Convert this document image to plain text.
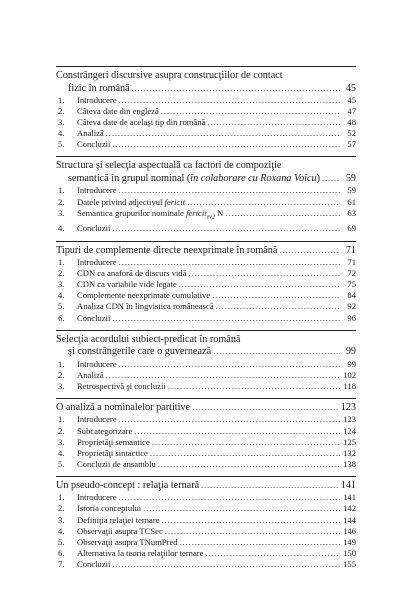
Constrângeri discursive asupra construcţiilor de contact
fizic în română .....	45
1.	Introducere .....	45
2.	Câteva date din engleză .....	47
3.	Câteva date de acelaşi tip din română .....	48
4.	Analiză .....	52
5.	Concluzii .....	57
Structura şi selecţia aspectuală ca factori de compoziţie
semantică în grupul nominal ( în colaborare cu Roxana Voicu ) .....	59
1.	Introducere .....	59
2.	Datele privind adjectivul fericit .....	61
3.	Semantica grupurilor nominale fericit$_{ev2}$ N .....	63
4.	Concluzii .....	69
Tipuri de complemente directe neexprimate în română .....	71
1.	Introducere .....	71
2.	CDN ca anaforă de discurs vidă .....	72
3.	CDN ca variabile vide legate .....	75
4.	Complemente neexprimate cumulative .....	84
5.	Analiza CDN în lingvistica românească .....	92
6.	Concluzii .....	96
Selecţia acordului subiect-predicat în română
şi constrângerile care o guvernează .....	99
1.	Introducere .....	99
2.	Analiză .....	102
3.	Retrospectivă şi concluzii .....	118
O analiză a nominalelor partitive .....	123
1.	Introducere .....	123
2.	Subcategorizare .....	124
3.	Proprietăţi semantice .....	125
4.	Proprietăţi sintactice .....	132
5.	Concluzii de ansamblu .....	138
Un pseudo-concept : relaţia ternară .....	141
1.	Introducere .....	141
2.	Istoria conceptului .....	142
3.	Definiţia relaţiei ternare .....	144
4.	Observaţii asupra TCSec .....	146
5.	Observaţii asupra TNumPred .....	149
6.	Alternativa la teoria relaţiilor ternare .....	150
7.	Concluzii .....	155
